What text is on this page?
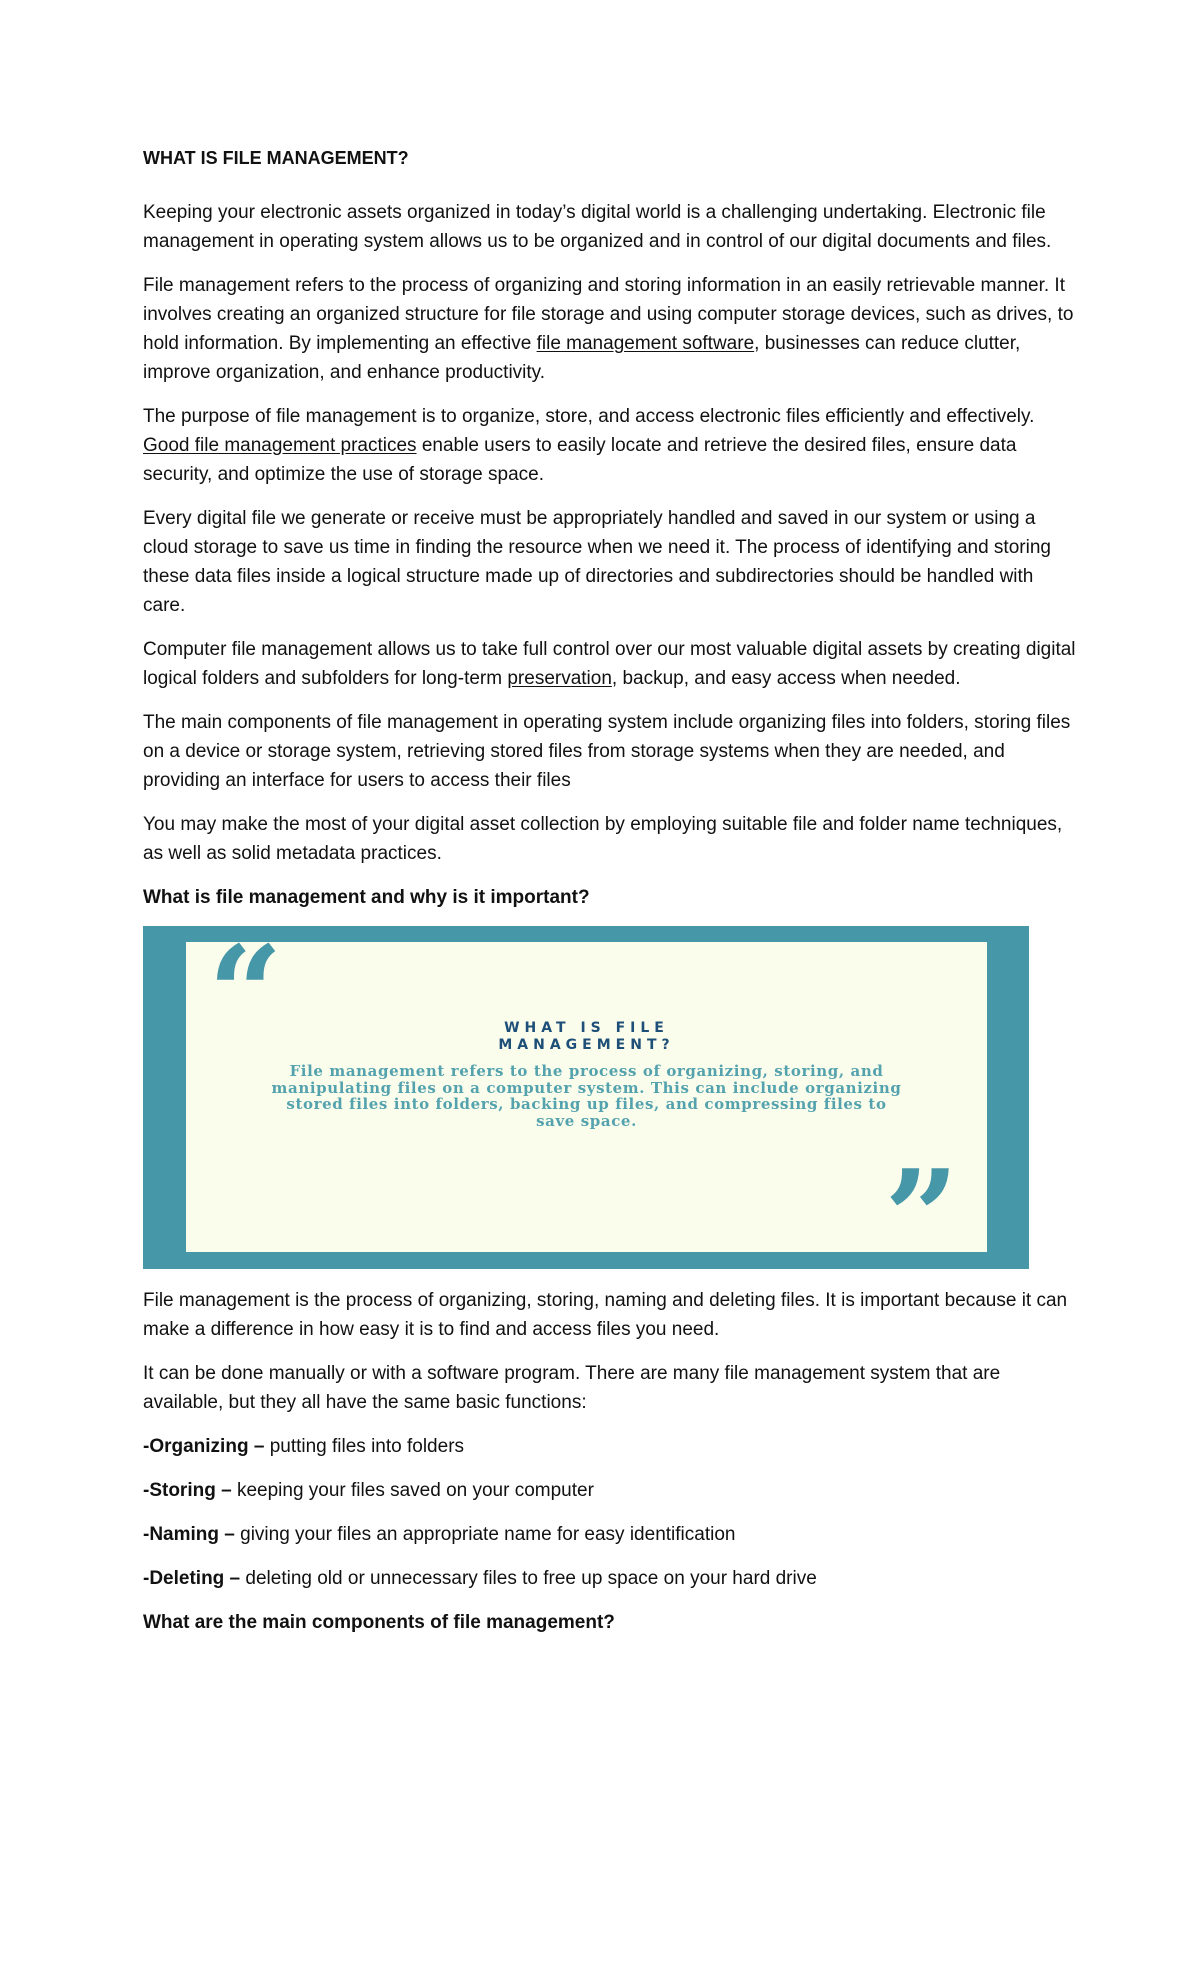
WHAT IS FILE MANAGEMENT?

Keeping your electronic assets organized in today’s digital world is a challenging undertaking. Electronic file management in operating system allows us to be organized and in control of our digital documents and files.

File management refers to the process of organizing and storing information in an easily retrievable manner. It involves creating an organized structure for file storage and using computer storage devices, such as drives, to hold information. By implementing an effective file management software, businesses can reduce clutter, improve organization, and enhance productivity.

The purpose of file management is to organize, store, and access electronic files efficiently and effectively. Good file management practices enable users to easily locate and retrieve the desired files, ensure data security, and optimize the use of storage space.

Every digital file we generate or receive must be appropriately handled and saved in our system or using a cloud storage to save us time in finding the resource when we need it. The process of identifying and storing these data files inside a logical structure made up of directories and subdirectories should be handled with care.

Computer file management allows us to take full control over our most valuable digital assets by creating digital logical folders and subfolders for long-term preservation, backup, and easy access when needed.

The main components of file management in operating system include organizing files into folders, storing files on a device or storage system, retrieving stored files from storage systems when they are needed, and providing an interface for users to access their files

You may make the most of your digital asset collection by employing suitable file and folder name techniques, as well as solid metadata practices.

What is file management and why is it important?

“	WHAT IS FILE
MANAGEMENT?
File management refers to the process of organizing, storing, and manipulating files on a computer system. This can include organizing stored files into folders, backing up files, and compressing files to save space.
”

File management is the process of organizing, storing, naming and deleting files. It is important because it can make a difference in how easy it is to find and access files you need.

It can be done manually or with a software program. There are many file management system that are available, but they all have the same basic functions:

-Organizing – putting files into folders

-Storing – keeping your files saved on your computer

-Naming – giving your files an appropriate name for easy identification

-Deleting – deleting old or unnecessary files to free up space on your hard drive

What are the main components of file management?
